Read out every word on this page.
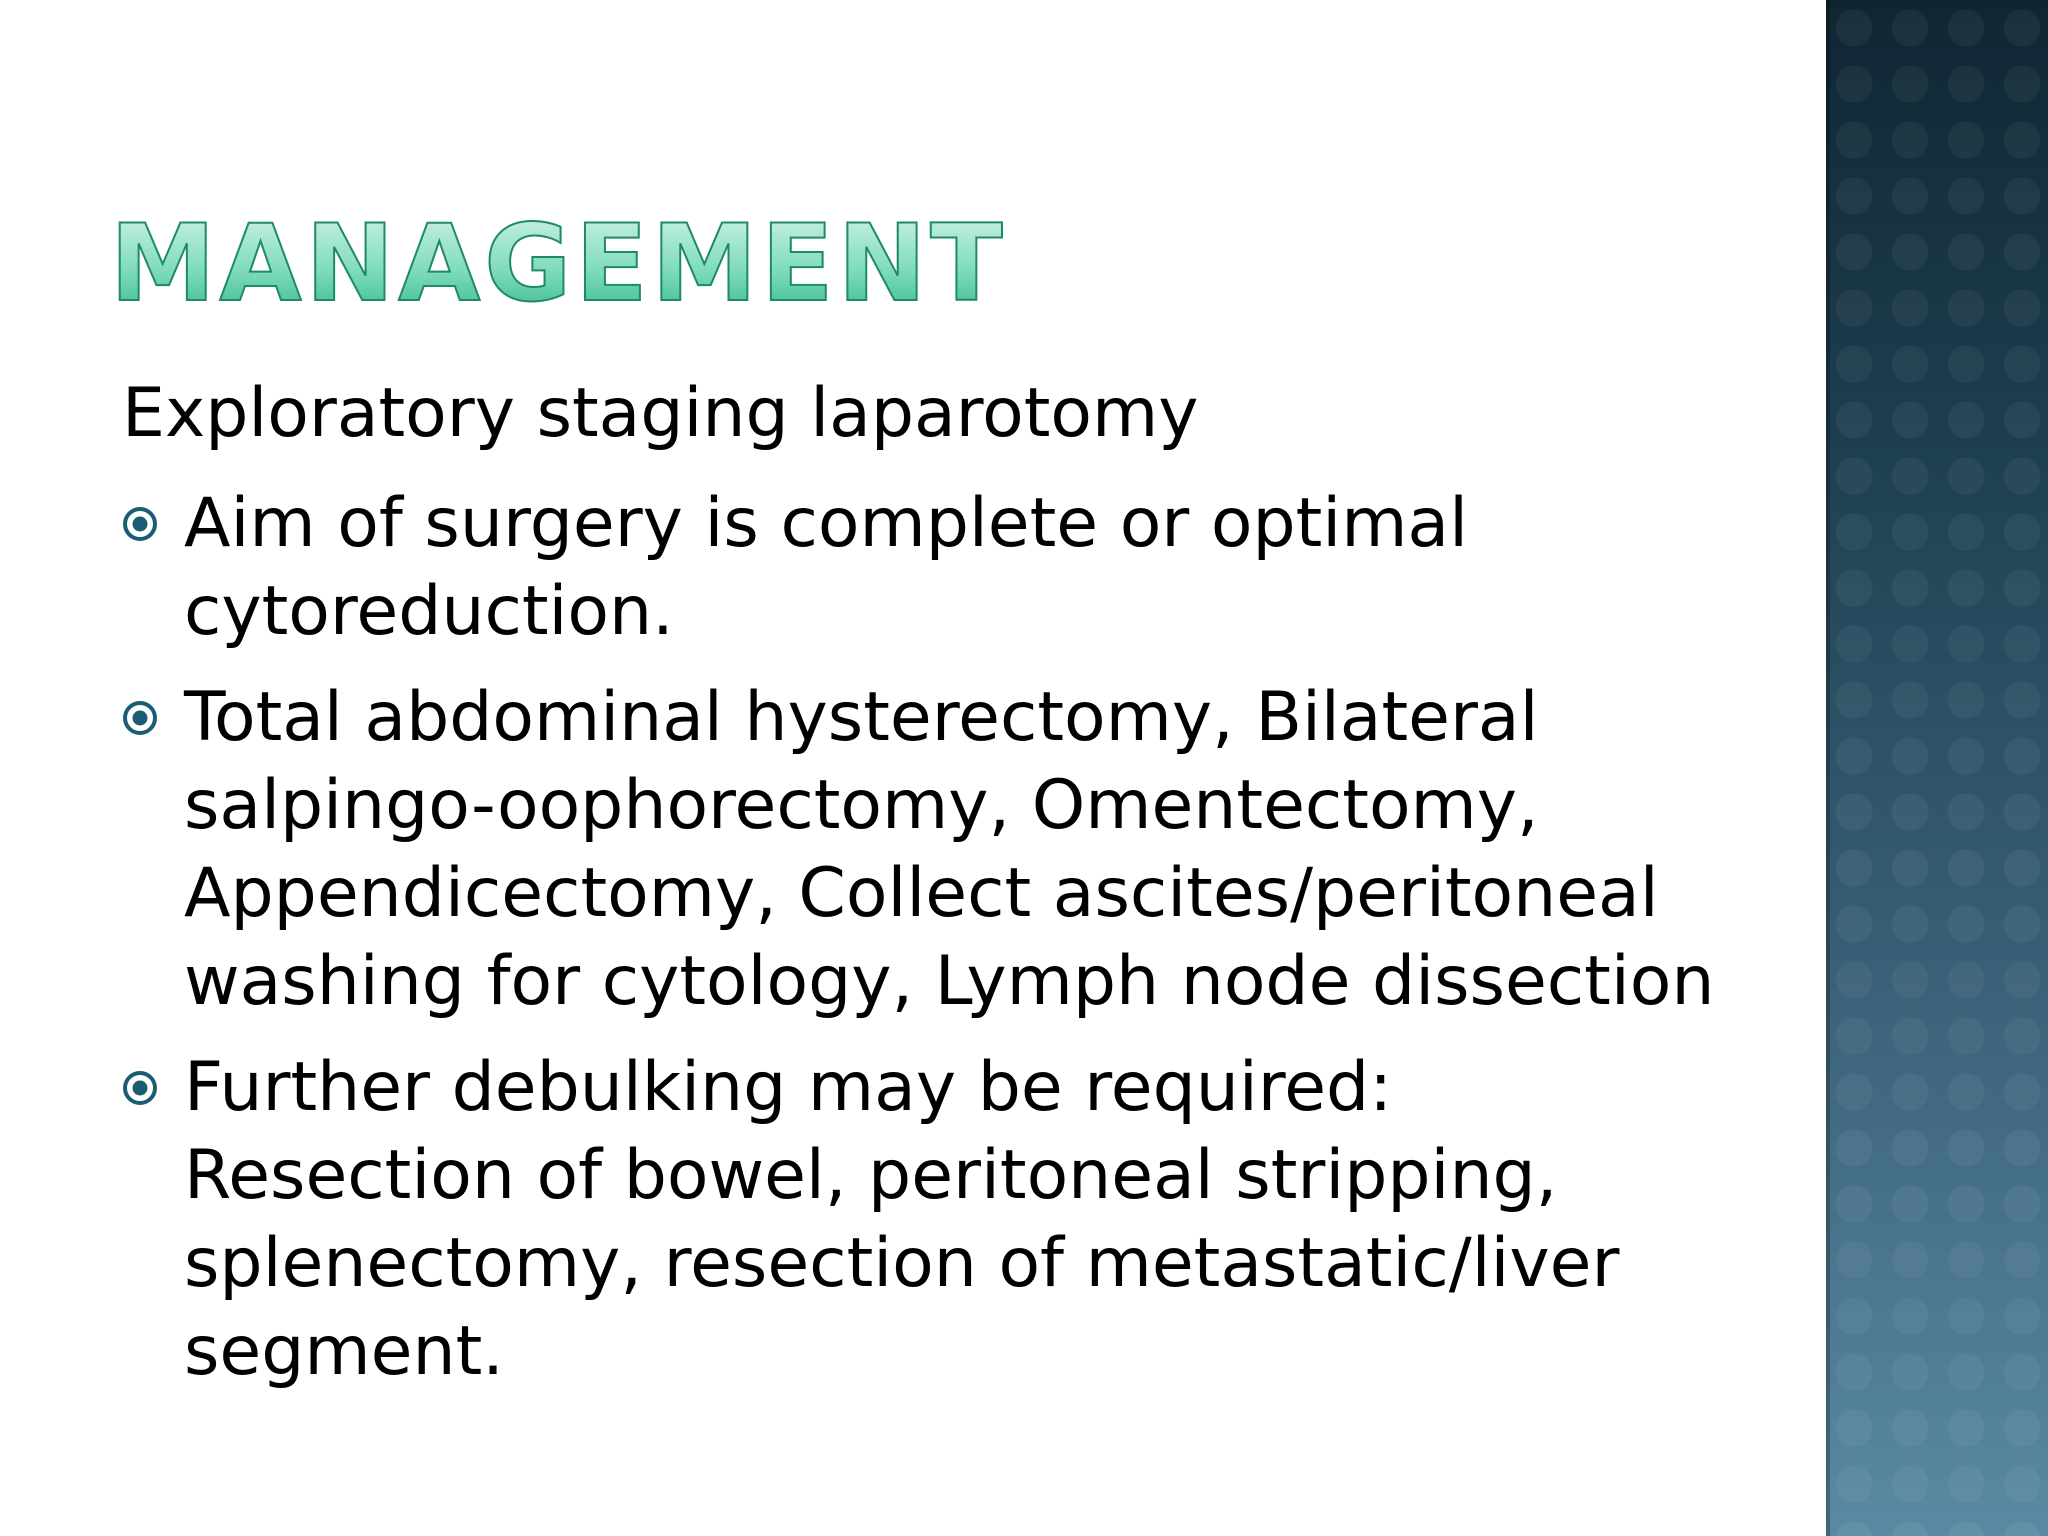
MANAGEMENT
Exploratory staging laparotomy
Aim of surgery is complete or optimal cytoreduction.
Total abdominal hysterectomy, Bilateral salpingo-oophorectomy, Omentectomy, Appendicectomy, Collect ascites/peritoneal washing for cytology, Lymph node dissection
Further debulking may be required: Resection of bowel, peritoneal stripping, splenectomy, resection of metastatic/liver segment.
